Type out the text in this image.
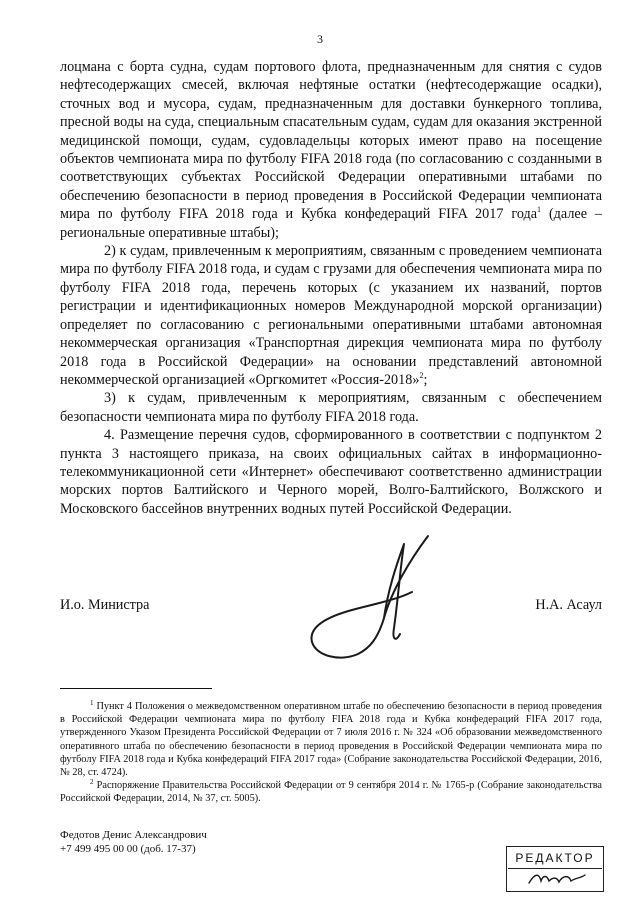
3

лоцмана с борта судна, судам портового флота, предназначенным для снятия с судов нефтесодержащих смесей, включая нефтяные остатки (нефтесодержащие осадки), сточных вод и мусора, судам, предназначенным для доставки бункерного топлива, пресной воды на суда, специальным спасательным судам, судам для оказания экстренной медицинской помощи, судам, судовладельцы которых имеют право на посещение объектов чемпионата мира по футболу FIFA 2018 года (по согласованию с созданными в соответствующих субъектах Российской Федерации оперативными штабами по обеспечению безопасности в период проведения в Российской Федерации чемпионата мира по футболу FIFA 2018 года и Кубка конфедераций FIFA 2017 года$^1$ (далее – региональные оперативные штабы);

2) к судам, привлеченным к мероприятиям, связанным с проведением чемпионата мира по футболу FIFA 2018 года, и судам с грузами для обеспечения чемпионата мира по футболу FIFA 2018 года, перечень которых (с указанием их названий, портов регистрации и идентификационных номеров Международной морской организации) определяет по согласованию с региональными оперативными штабами автономная некоммерческая организация «Транспортная дирекция чемпионата мира по футболу 2018 года в Российской Федерации» на основании представлений автономной некоммерческой организацией «Оргкомитет «Россия-2018»$^2$;

3) к судам, привлеченным к мероприятиям, связанным с обеспечением безопасности чемпионата мира по футболу FIFA 2018 года.

4. Размещение перечня судов, сформированного в соответствии с подпунктом 2 пункта 3 настоящего приказа, на своих официальных сайтах в информационно-телекоммуникационной сети «Интернет» обеспечивают соответственно администрации морских портов Балтийского и Черного морей, Волго-Балтийского, Волжского и Московского бассейнов внутренних водных путей Российской Федерации.

И.о. Министра	Н.А. Асаул

$^1$ Пункт 4 Положения о межведомственном оперативном штабе по обеспечению безопасности в период проведения в Российской Федерации чемпионата мира по футболу FIFA 2018 года и Кубка конфедераций FIFA 2017 года, утвержденного Указом Президента Российской Федерации от 7 июля 2016 г. № 324 «Об образовании межведомственного оперативного штаба по обеспечению безопасности в период проведения в Российской Федерации чемпионата мира по футболу FIFA 2018 года и Кубка конфедераций FIFA 2017 года» (Собрание законодательства Российской Федерации, 2016, № 28, ст. 4724).

$^2$ Распоряжение Правительства Российской Федерации от 9 сентября 2014 г. № 1765-р (Собрание законодательства Российской Федерации, 2014, № 37, ст. 5005).

Федотов Денис Александрович
+7 499 495 00 00 (доб. 17-37)
РЕДАКТОР
